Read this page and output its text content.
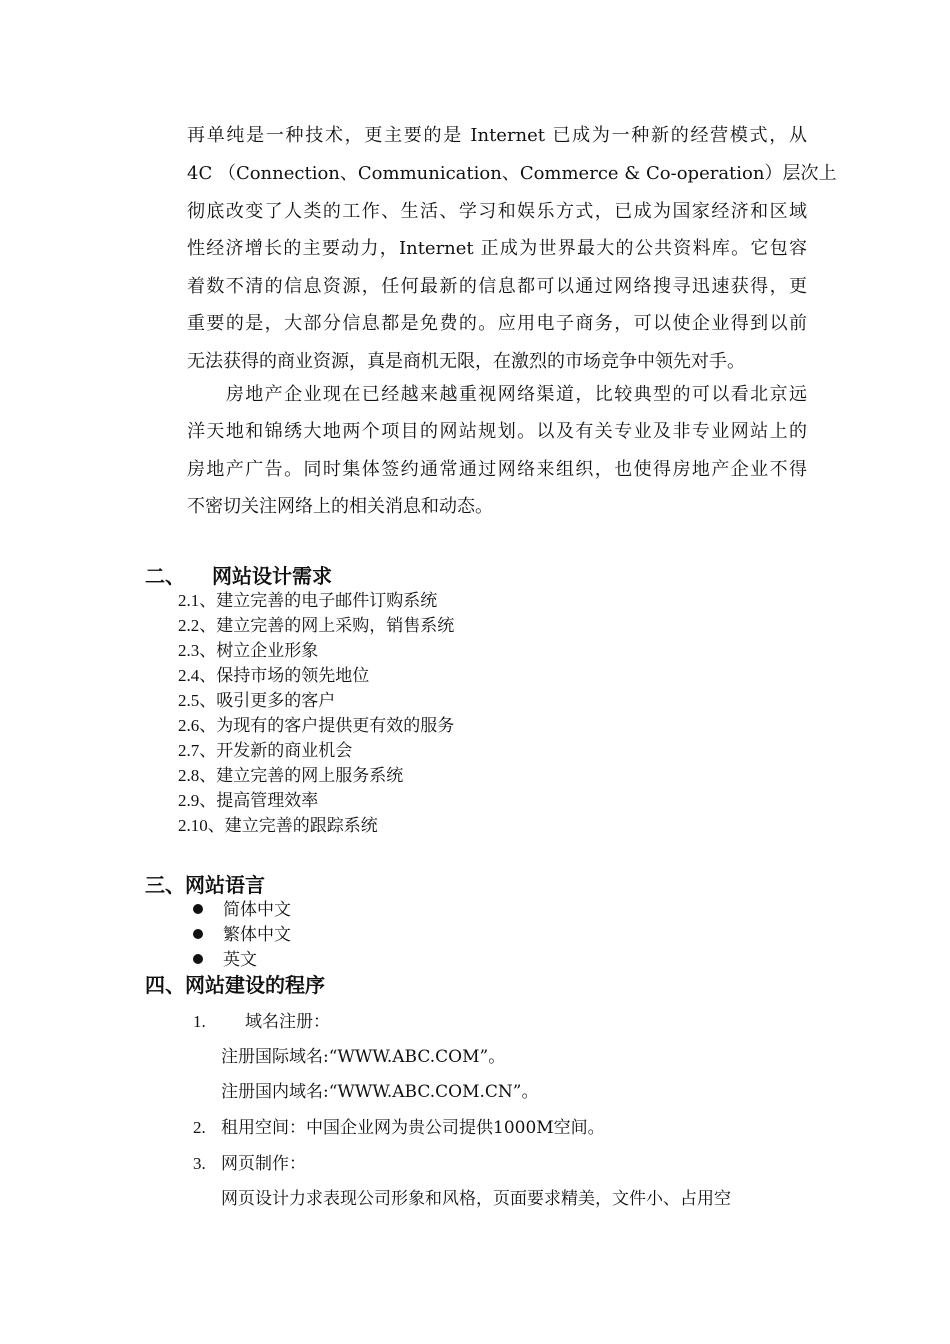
再单纯是一种技术，更主要的是 Internet 已成为一种新的经营模式，从
4C （Connection、Communication、Commerce & Co-operation）层次上
彻底改变了人类的工作、生活、学习和娱乐方式，已成为国家经济和区域
性经济增长的主要动力，Internet 正成为世界最大的公共资料库。它包容
着数不清的信息资源，任何最新的信息都可以通过网络搜寻迅速获得，更
重要的是，大部分信息都是免费的。应用电子商务，可以使企业得到以前
无法获得的商业资源，真是商机无限，在激烈的市场竞争中领先对手。
　　房地产企业现在已经越来越重视网络渠道，比较典型的可以看北京远
洋天地和锦绣大地两个项目的网站规划。以及有关专业及非专业网站上的
房地产广告。同时集体签约通常通过网络来组织，也使得房地产企业不得
不密切关注网络上的相关消息和动态。
二、 网站设计需求
2.1、建立完善的电子邮件订购系统
2.2、建立完善的网上采购，销售系统
2.3、树立企业形象
2.4、保持市场的领先地位
2.5、吸引更多的客户
2.6、为现有的客户提供更有效的服务
2.7、开发新的商业机会
2.8、建立完善的网上服务系统
2.9、提高管理效率
2.10、建立完善的跟踪系统
三、网站语言
简体中文
繁体中文
英文
四、网站建设的程序
1. 域名注册：
注册国际域名:“WWW.ABC.COM”。
注册国内域名:“WWW.ABC.COM.CN”。
2. 租用空间：中国企业网为贵公司提供1000M空间。
3. 网页制作：
网页设计力求表现公司形象和风格，页面要求精美，文件小、占用空
